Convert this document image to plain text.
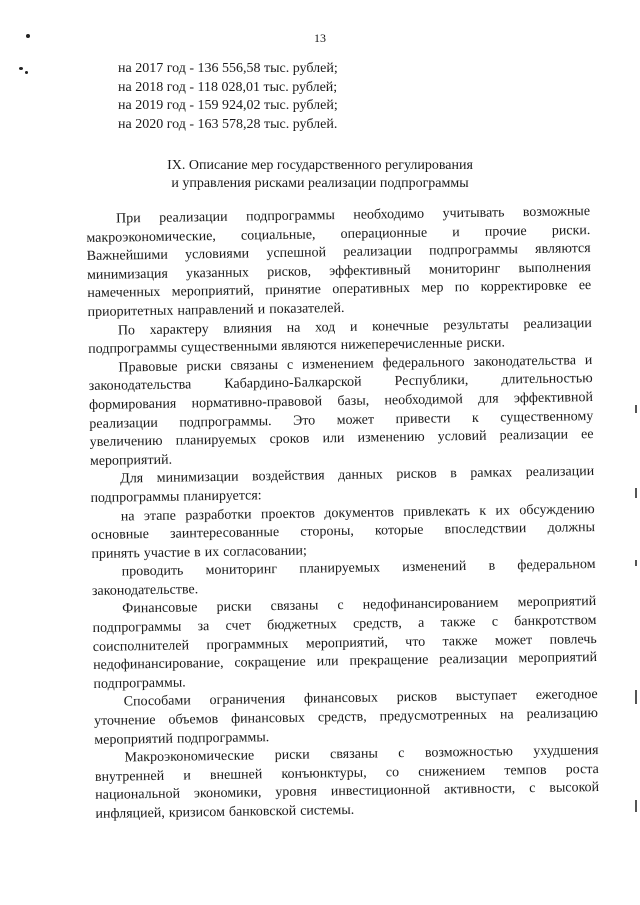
13
на 2017 год - 136 556,58 тыс. рублей;
на 2018 год - 118 028,01 тыс. рублей;
на 2019 год - 159 924,02 тыс. рублей;
на 2020 год - 163 578,28 тыс. рублей.
IX. Описание мер государственного регулирования
и управления рисками реализации подпрограммы
При реализации подпрограммы необходимо учитывать возможные
макроэкономические, социальные, операционные и прочие риски.
Важнейшими условиями успешной реализации подпрограммы являются
минимизация указанных рисков, эффективный мониторинг выполнения
намеченных мероприятий, принятие оперативных мер по корректировке ее
приоритетных направлений и показателей.
По характеру влияния на ход и конечные результаты реализации
подпрограммы существенными являются нижеперечисленные риски.
Правовые риски связаны с изменением федерального законодательства и
законодательства Кабардино-Балкарской Республики, длительностью
формирования нормативно-правовой базы, необходимой для эффективной
реализации подпрограммы. Это может привести к существенному
увеличению планируемых сроков или изменению условий реализации ее
мероприятий.
Для минимизации воздействия данных рисков в рамках реализации
подпрограммы планируется:
на этапе разработки проектов документов привлекать к их обсуждению
основные заинтересованные стороны, которые впоследствии должны
принять участие в их согласовании;
проводить мониторинг планируемых изменений в федеральном
законодательстве.
Финансовые риски связаны с недофинансированием мероприятий
подпрограммы за счет бюджетных средств, а также с банкротством
соисполнителей программных мероприятий, что также может повлечь
недофинансирование, сокращение или прекращение реализации мероприятий
подпрограммы.
Способами ограничения финансовых рисков выступает ежегодное
уточнение объемов финансовых средств, предусмотренных на реализацию
мероприятий подпрограммы.
Макроэкономические риски связаны с возможностью ухудшения
внутренней и внешней конъюнктуры, со снижением темпов роста
национальной экономики, уровня инвестиционной активности, с высокой
инфляцией, кризисом банковской системы.
